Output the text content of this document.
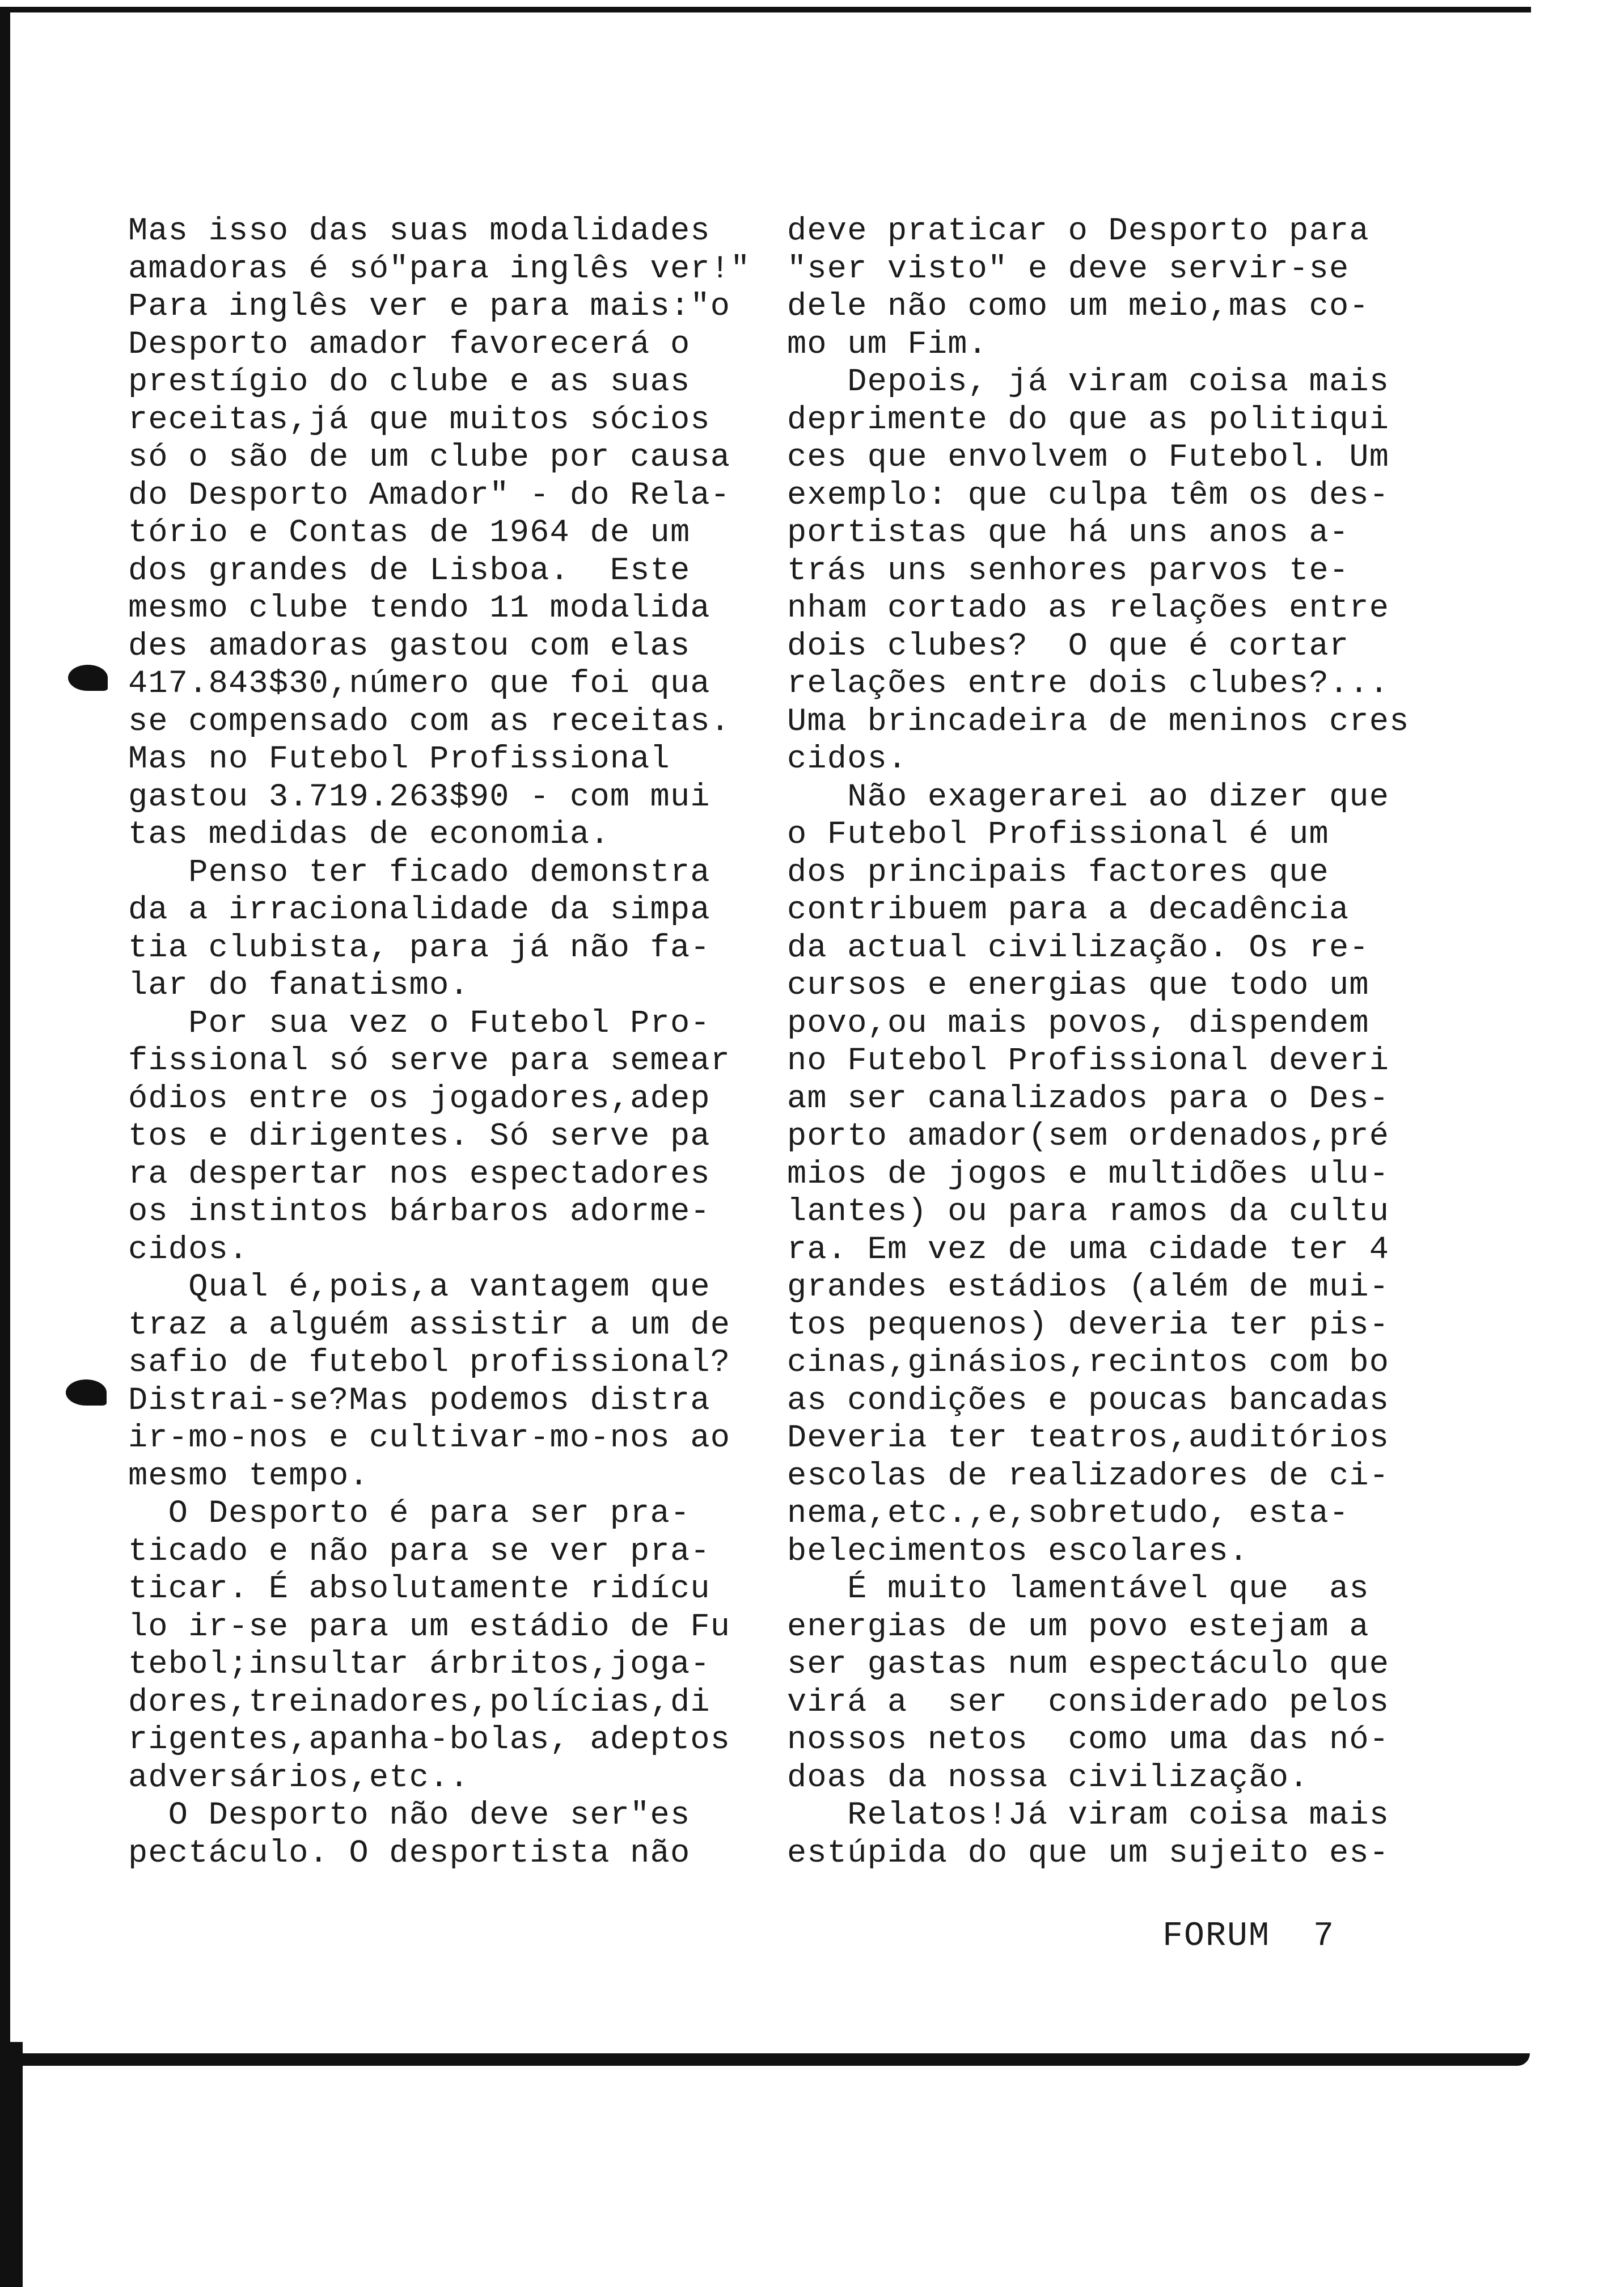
Mas isso das suas modalidades

amadoras é só"para inglês ver!"

Para inglês ver e para mais:"o

Desporto amador favorecerá o

prestígio do clube e as suas

receitas,já que muitos sócios

só o são de um clube por causa

do Desporto Amador" - do Rela-

tório e Contas de 1964 de um

dos grandes de Lisboa.  Este

mesmo clube tendo 11 modalida

des amadoras gastou com elas

417.843$30,número que foi qua

se compensado com as receitas.

Mas no Futebol Profissional

gastou 3.719.263$90 - com mui

tas medidas de economia.

Penso ter ficado demonstra

da a irracionalidade da simpa

tia clubista, para já não fa-

lar do fanatismo.

Por sua vez o Futebol Pro-

fissional só serve para semear

ódios entre os jogadores,adep

tos e dirigentes. Só serve pa

ra despertar nos espectadores

os instintos bárbaros adorme-

cidos.

Qual é,pois,a vantagem que

traz a alguém assistir a um de

safio de futebol profissional?

Distrai-se?Mas podemos distra

ir-mo-nos e cultivar-mo-nos ao

mesmo tempo.

O Desporto é para ser pra-

ticado e não para se ver pra-

ticar. É absolutamente ridícu

lo ir-se para um estádio de Fu

tebol;insultar árbritos,joga-

dores,treinadores,polícias,di

rigentes,apanha-bolas, adeptos

adversários,etc..

O Desporto não deve ser"es

pectáculo. O desportista não

deve praticar o Desporto para

"ser visto" e deve servir-se

dele não como um meio,mas co-

mo um Fim.

Depois, já viram coisa mais

deprimente do que as politiqui

ces que envolvem o Futebol. Um

exemplo: que culpa têm os des-

portistas que há uns anos a-

trás uns senhores parvos te-

nham cortado as relações entre

dois clubes?  O que é cortar

relações entre dois clubes?...

Uma brincadeira de meninos cres

cidos.

Não exagerarei ao dizer que

o Futebol Profissional é um

dos principais factores que

contribuem para a decadência

da actual civilização. Os re-

cursos e energias que todo um

povo,ou mais povos, dispendem

no Futebol Profissional deveri

am ser canalizados para o Des-

porto amador(sem ordenados,pré

mios de jogos e multidões ulu-

lantes) ou para ramos da cultu

ra. Em vez de uma cidade ter 4

grandes estádios (além de mui-

tos pequenos) deveria ter pis-

cinas,ginásios,recintos com bo

as condições e poucas bancadas

Deveria ter teatros,auditórios

escolas de realizadores de ci-

nema,etc.,e,sobretudo, esta-

belecimentos escolares.

É muito lamentável que  as

energias de um povo estejam a

ser gastas num espectáculo que

virá a  ser  considerado pelos

nossos netos  como uma das nó-

doas da nossa civilização.

Relatos!Já viram coisa mais

estúpida do que um sujeito es-

FORUM  7
